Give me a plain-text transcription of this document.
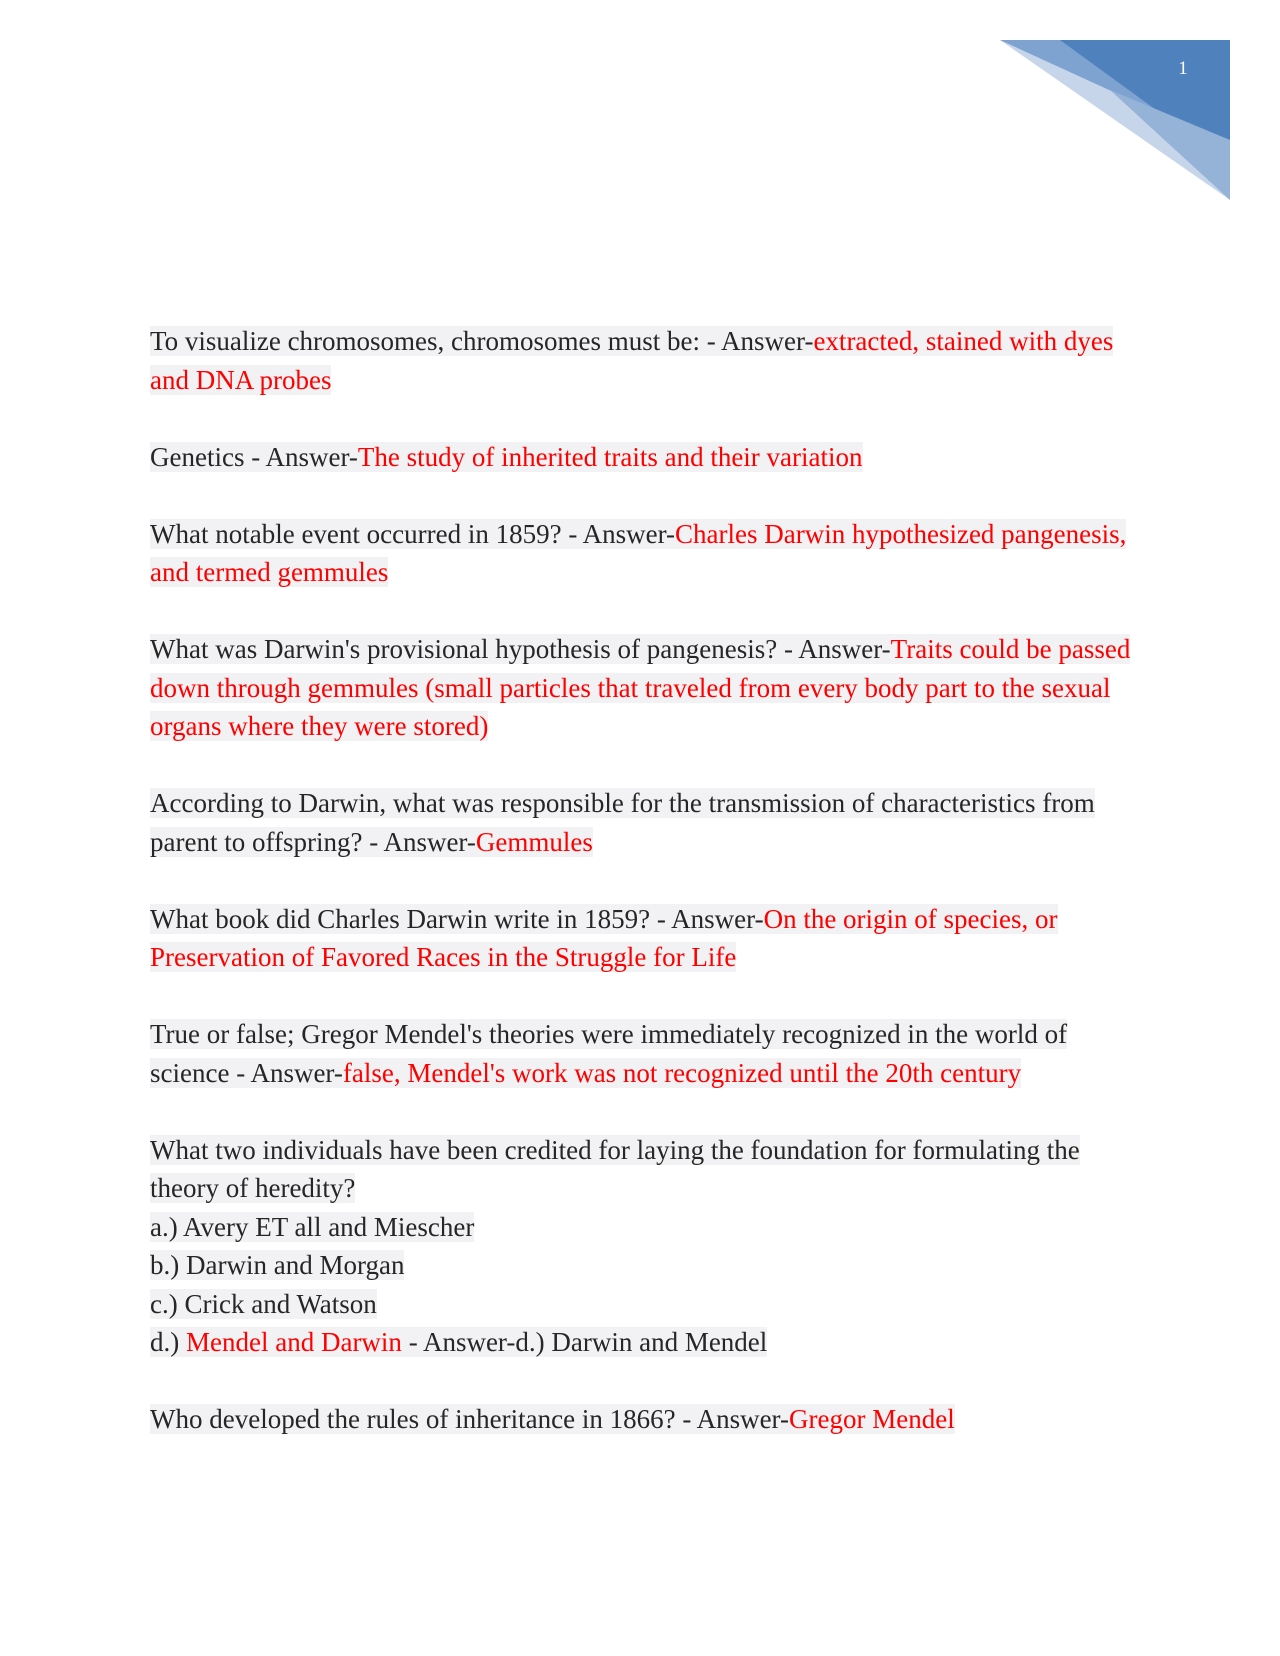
1

To visualize chromosomes, chromosomes must be: - Answer-extracted, stained with dyes and DNA probes

Genetics - Answer-The study of inherited traits and their variation

What notable event occurred in 1859? - Answer-Charles Darwin hypothesized pangenesis, and termed gemmules

What was Darwin's provisional hypothesis of pangenesis? - Answer-Traits could be passed down through gemmules (small particles that traveled from every body part to the sexual organs where they were stored)

According to Darwin, what was responsible for the transmission of characteristics from parent to offspring? - Answer-Gemmules

What book did Charles Darwin write in 1859? - Answer-On the origin of species, or Preservation of Favored Races in the Struggle for Life

True or false; Gregor Mendel's theories were immediately recognized in the world of science - Answer-false, Mendel's work was not recognized until the 20th century

What two individuals have been credited for laying the foundation for formulating the theory of heredity?
a.) Avery ET all and Miescher
b.) Darwin and Morgan
c.) Crick and Watson
d.) Mendel and Darwin - Answer-d.) Darwin and Mendel

Who developed the rules of inheritance in 1866? - Answer-Gregor Mendel
